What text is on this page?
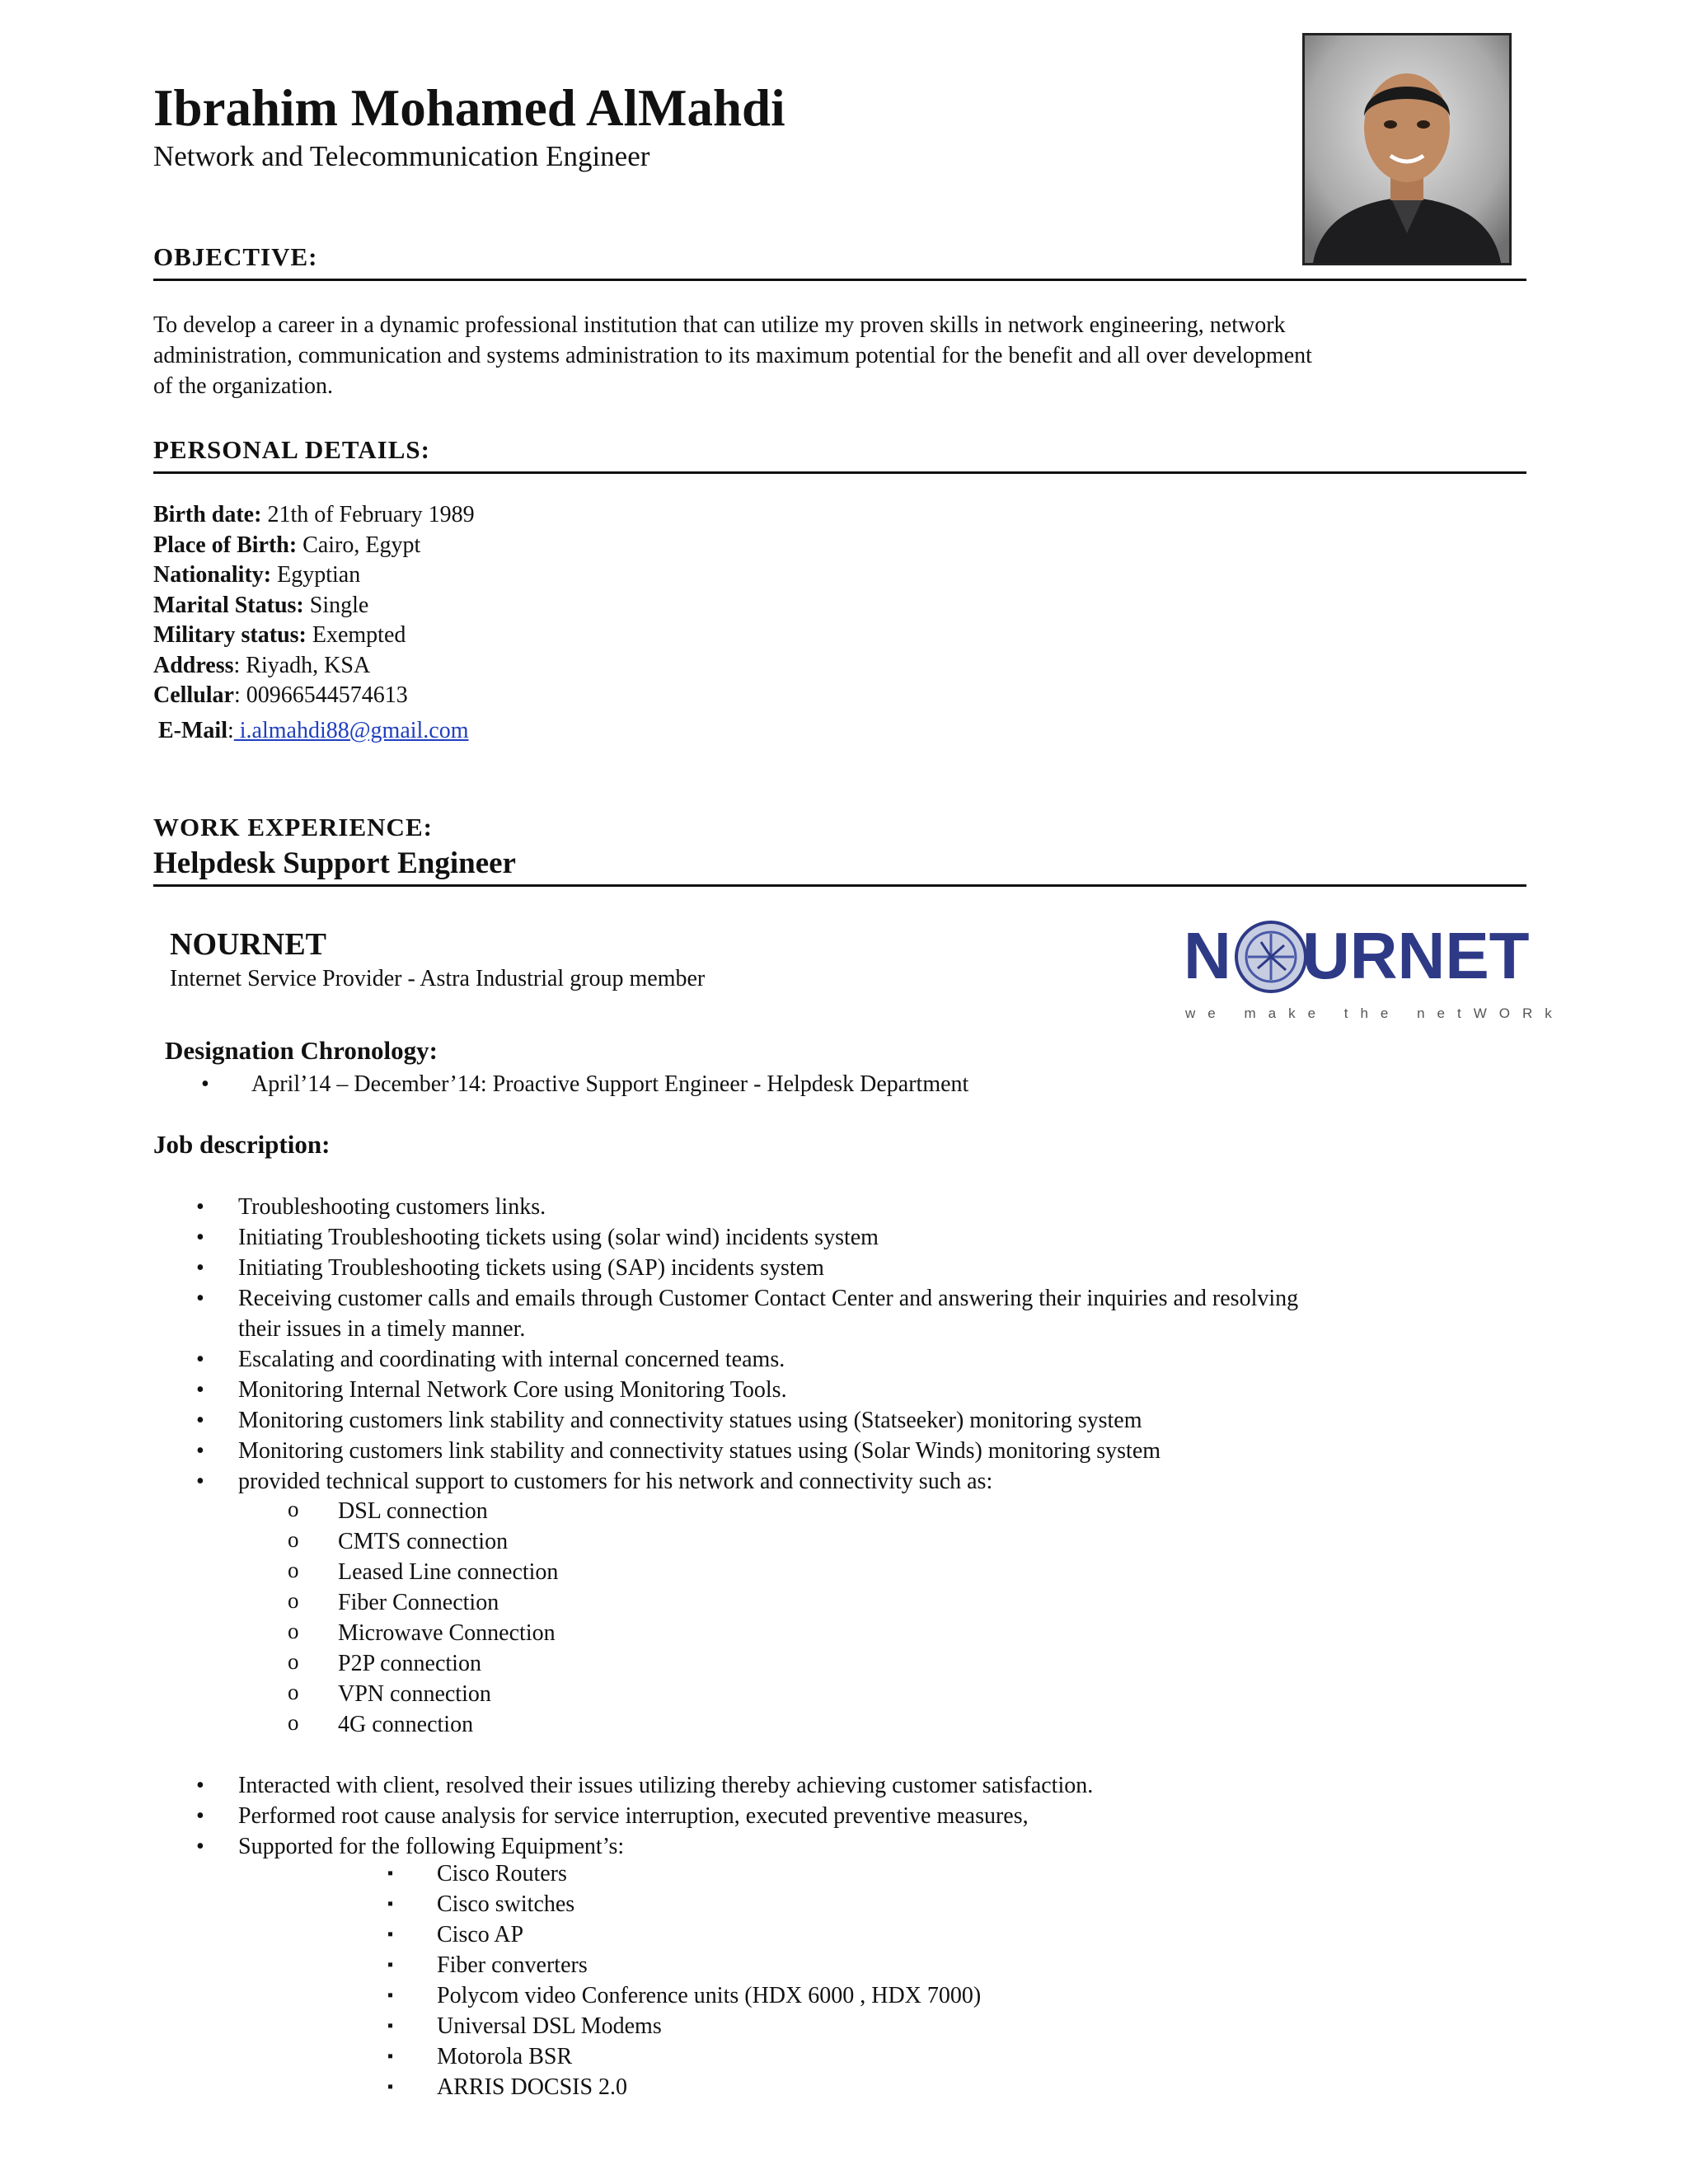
Ibrahim Mohamed AlMahdi
Network and Telecommunication Engineer
OBJECTIVE:
To develop a career in a dynamic professional institution that can utilize my proven skills in network engineering, network
administration, communication and systems administration to its maximum potential for the benefit and all over development
of the organization.
PERSONAL DETAILS:
Birth date: 21th of February 1989
Place of Birth: Cairo, Egypt
Nationality: Egyptian
Marital Status: Single
Military status: Exempted
Address: Riyadh, KSA
Cellular: 00966544574613
E-Mail: i.almahdi88@gmail.com
WORK EXPERIENCE:
Helpdesk Support Engineer
NOURNET
Internet Service Provider - Astra Industrial group member	N URNET
we make the netWORk
Designation Chronology:
• April’14 – December’14: Proactive Support Engineer - Helpdesk Department
Job description:
• Troubleshooting customers links.
• Initiating Troubleshooting tickets using (solar wind) incidents system
• Initiating Troubleshooting tickets using (SAP) incidents system
• Receiving customer calls and emails through Customer Contact Center and answering their inquiries and resolving
their issues in a timely manner.
• Escalating and coordinating with internal concerned teams.
• Monitoring Internal Network Core using Monitoring Tools.
• Monitoring customers link stability and connectivity statues using (Statseeker) monitoring system
• Monitoring customers link stability and connectivity statues using (Solar Winds) monitoring system
• provided technical support to customers for his network and connectivity such as:
o DSL connection
o CMTS connection
o Leased Line connection
o Fiber Connection
o Microwave Connection
o P2P connection
o VPN connection
o 4G connection
• Interacted with client, resolved their issues utilizing thereby achieving customer satisfaction.
• Performed root cause analysis for service interruption, executed preventive measures,
• Supported for the following Equipment’s:
▪ Cisco Routers
▪ Cisco switches
▪ Cisco AP
▪ Fiber converters
▪ Polycom video Conference units (HDX 6000 , HDX 7000)
▪ Universal DSL Modems
▪ Motorola BSR
▪ ARRIS DOCSIS 2.0
